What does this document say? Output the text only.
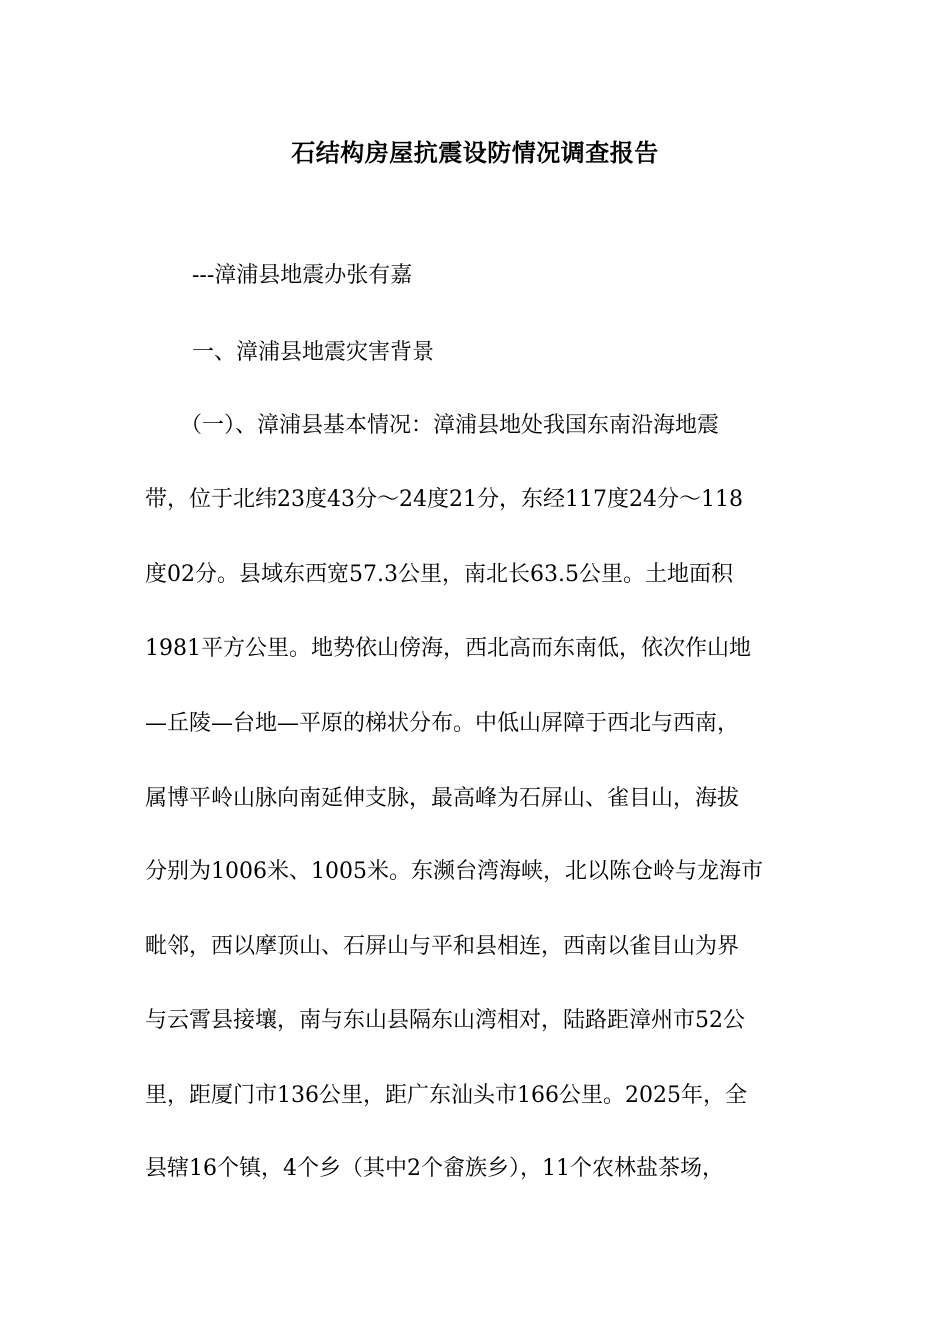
石结构房屋抗震设防情况调查报告
---漳浦县地震办张有嘉
一、漳浦县地震灾害背景
（一）、漳浦县基本情况：漳浦县地处我国东南沿海地震
带，位于北纬23度43分～24度21分，东经117度24分～118
度02分。县域东西宽57.3公里，南北长63.5公里。土地面积
1981平方公里。地势依山傍海，西北高而东南低，依次作山地
—丘陵—台地—平原的梯状分布。中低山屏障于西北与西南，
属博平岭山脉向南延伸支脉，最高峰为石屏山、雀目山，海拔
分别为1006米、1005米。东濒台湾海峡，北以陈仓岭与龙海市
毗邻，西以摩顶山、石屏山与平和县相连，西南以雀目山为界
与云霄县接壤，南与东山县隔东山湾相对，陆路距漳州市52公
里，距厦门市136公里，距广东汕头市166公里。2025年，全
县辖16个镇，4个乡（其中2个畲族乡），11个农林盐茶场，
